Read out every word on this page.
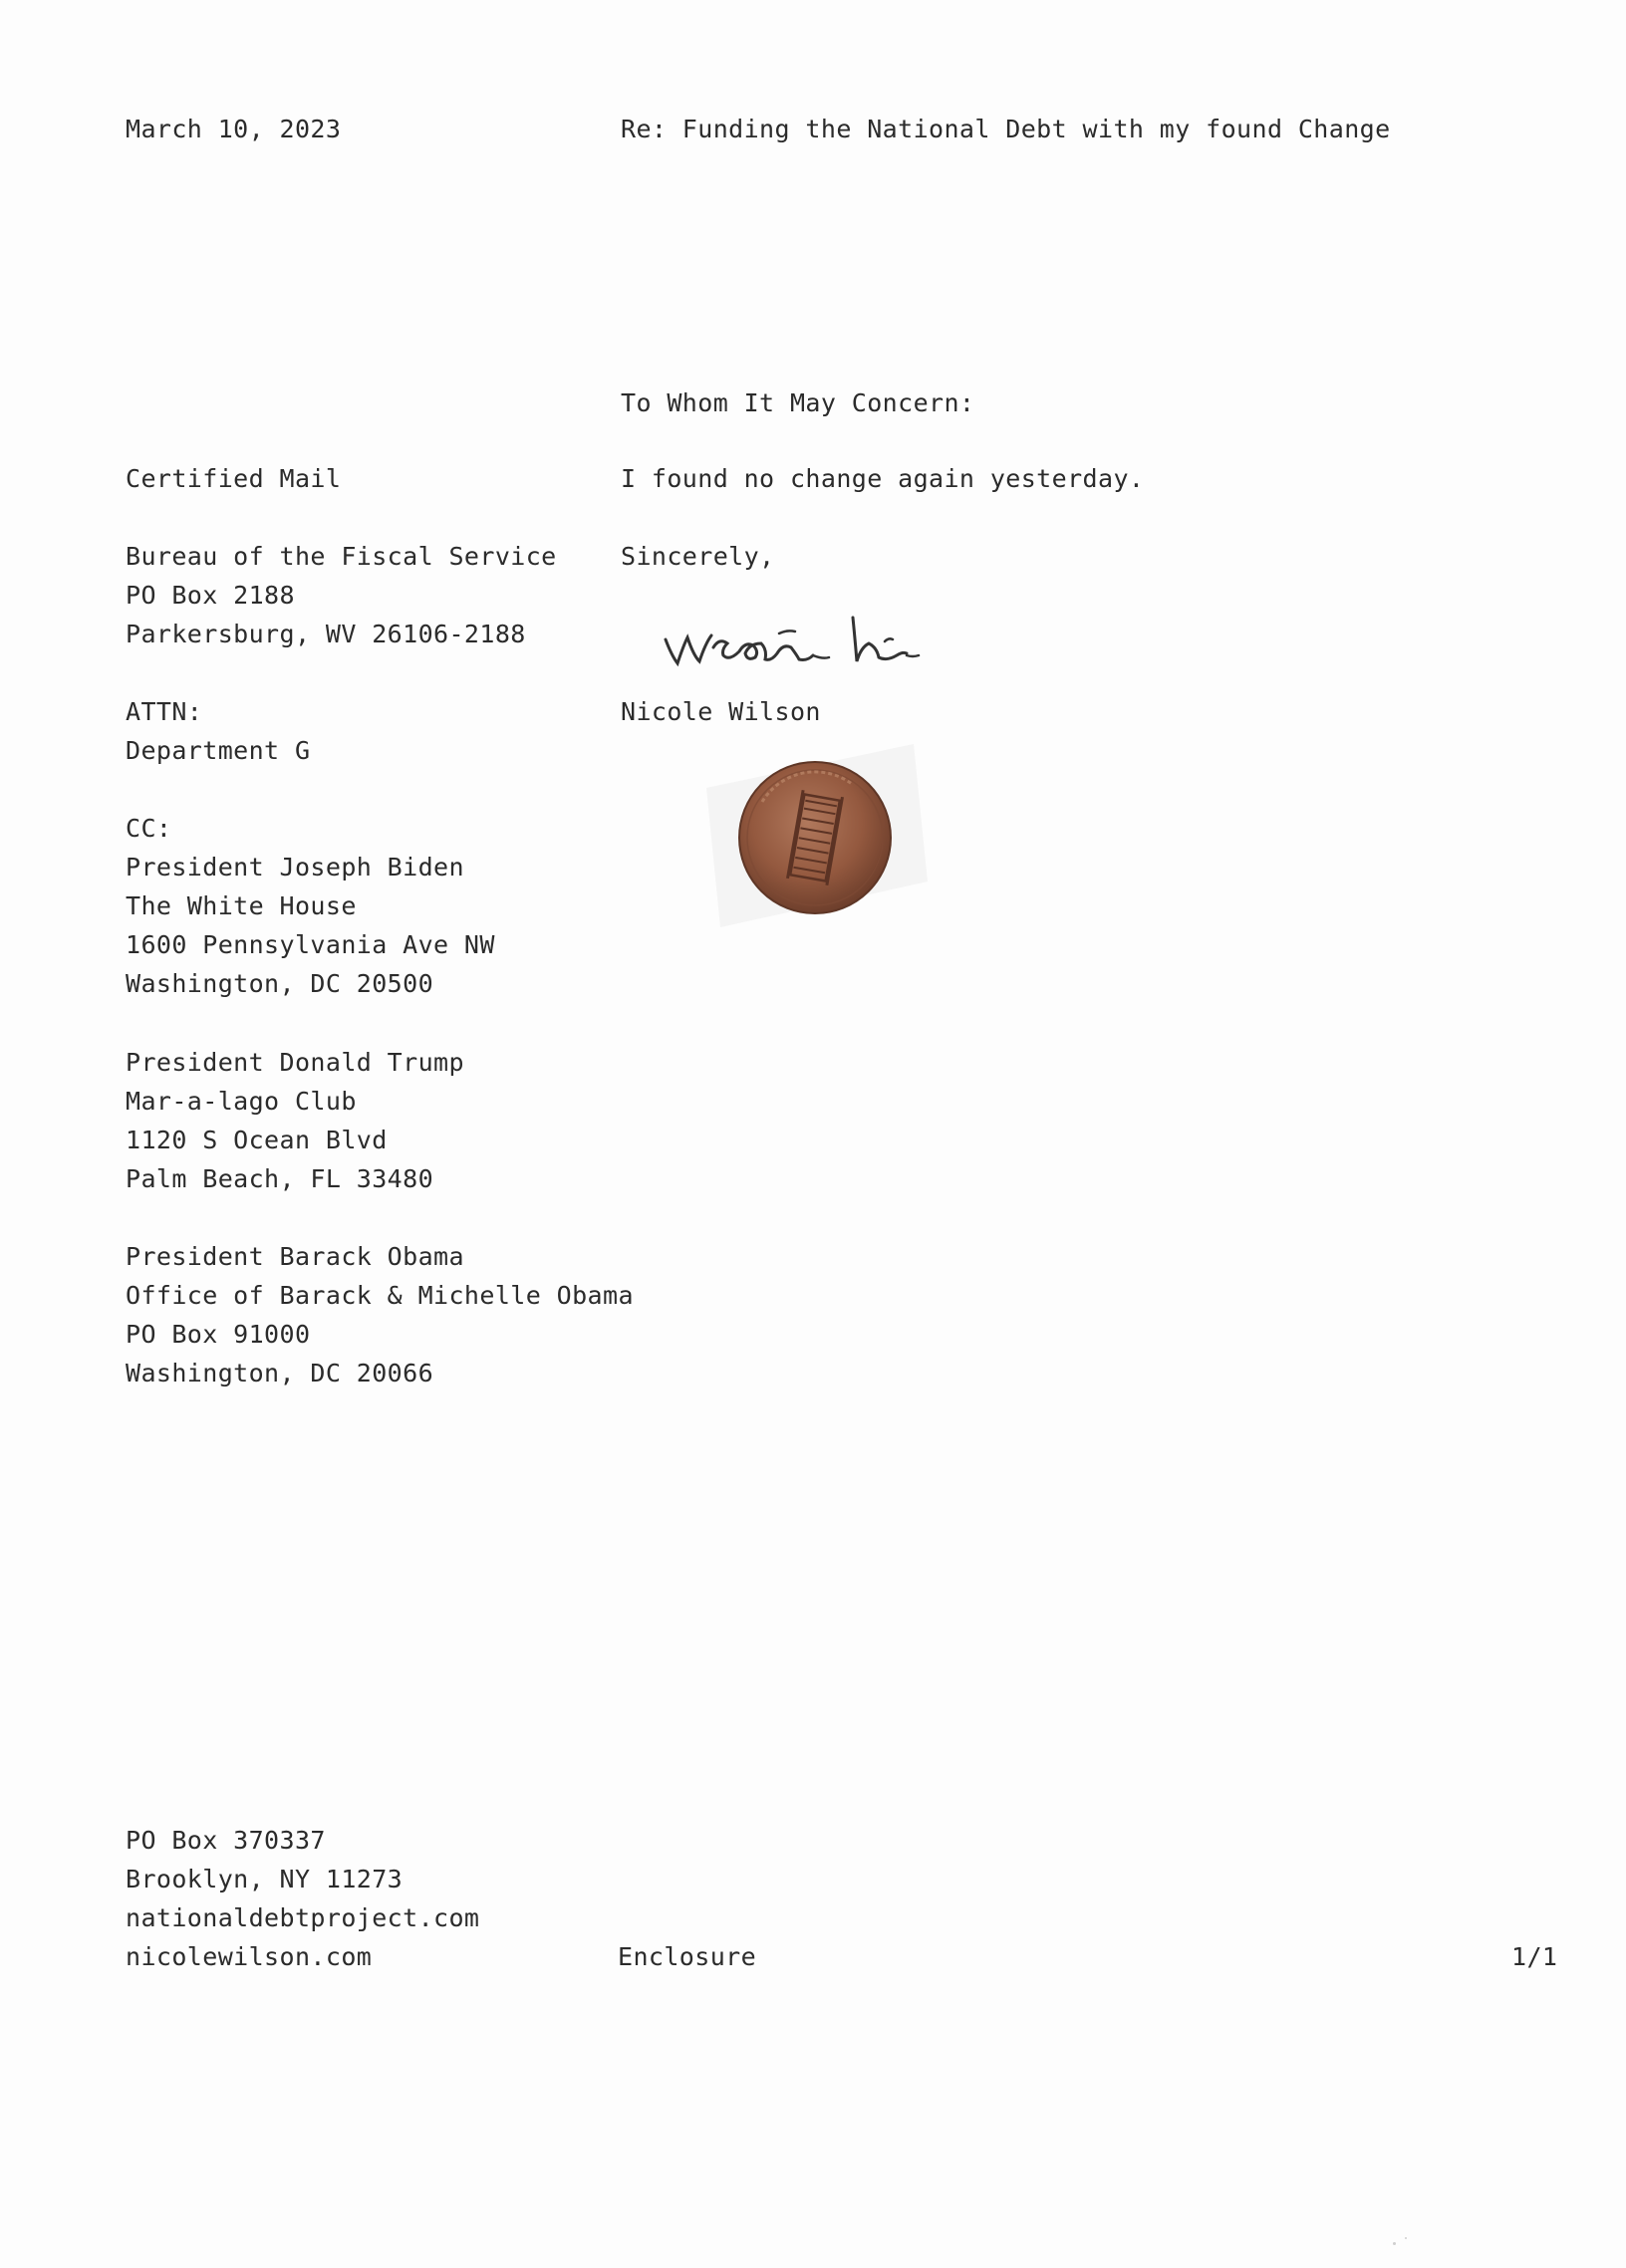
March 10, 2023	Re: Funding the National Debt with my found Change
To Whom It May Concern:
Certified Mail	I found no change again yesterday.
Bureau of the Fiscal Service
PO Box 2188
Parkersburg, WV 26106-2188
Sincerely,
Nicole Wilson
ATTN:
Department G
CC:
President Joseph Biden
The White House
1600 Pennsylvania Ave NW
Washington, DC 20500
President Donald Trump
Mar-a-lago Club
1120 S Ocean Blvd
Palm Beach, FL 33480
President Barack Obama
Office of Barack & Michelle Obama
PO Box 91000
Washington, DC 20066
PO Box 370337
Brooklyn, NY 11273
nationaldebtproject.com
nicolewilson.com	Enclosure	1/1
